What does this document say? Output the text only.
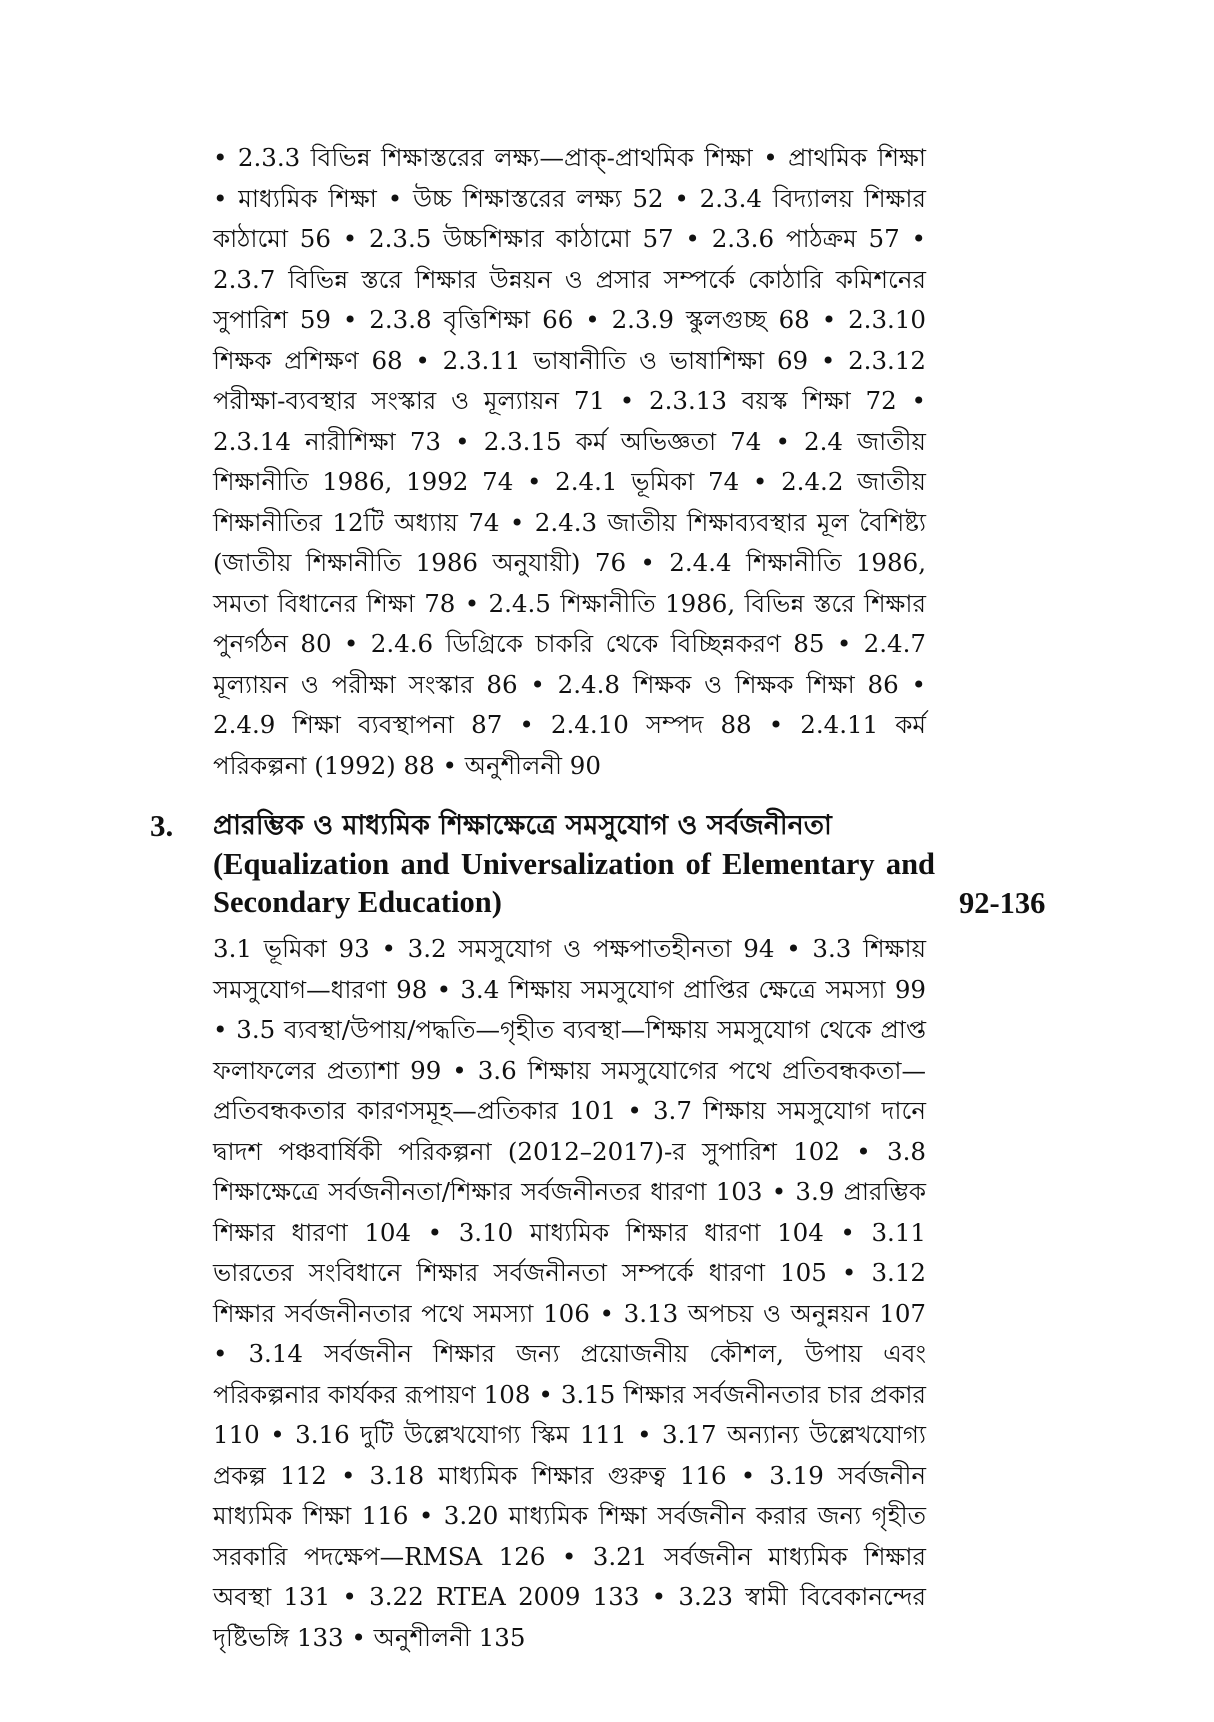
• 2.3.3 বিভিন্ন শিক্ষাস্তরের লক্ষ্য—প্রাক্-প্রাথমিক শিক্ষা • প্রাথমিক শিক্ষা • মাধ্যমিক শিক্ষা • উচ্চ শিক্ষাস্তরের লক্ষ্য 52 • 2.3.4 বিদ্যালয় শিক্ষার কাঠামো 56 • 2.3.5 উচ্চশিক্ষার কাঠামো 57 • 2.3.6 পাঠক্রম 57 • 2.3.7 বিভিন্ন স্তরে শিক্ষার উন্নয়ন ও প্রসার সম্পর্কে কোঠারি কমিশনের সুপারিশ 59 • 2.3.8 বৃত্তিশিক্ষা 66 • 2.3.9 স্কুলগুচ্ছ 68 • 2.3.10 শিক্ষক প্রশিক্ষণ 68 • 2.3.11 ভাষানীতি ও ভাষাশিক্ষা 69 • 2.3.12 পরীক্ষা-ব্যবস্থার সংস্কার ও মূল্যায়ন 71 • 2.3.13 বয়স্ক শিক্ষা 72 • 2.3.14 নারীশিক্ষা 73 • 2.3.15 কর্ম অভিজ্ঞতা 74 • 2.4 জাতীয় শিক্ষানীতি 1986, 1992 74 • 2.4.1 ভূমিকা 74 • 2.4.2 জাতীয় শিক্ষানীতির 12টি অধ্যায় 74 • 2.4.3 জাতীয় শিক্ষাব্যবস্থার মূল বৈশিষ্ট্য (জাতীয় শিক্ষানীতি 1986 অনুযায়ী) 76 • 2.4.4 শিক্ষানীতি 1986, সমতা বিধানের শিক্ষা 78 • 2.4.5 শিক্ষানীতি 1986, বিভিন্ন স্তরে শিক্ষার পুনর্গঠন 80 • 2.4.6 ডিগ্রিকে চাকরি থেকে বিচ্ছিন্নকরণ 85 • 2.4.7 মূল্যায়ন ও পরীক্ষা সংস্কার 86 • 2.4.8 শিক্ষক ও শিক্ষক শিক্ষা 86 • 2.4.9 শিক্ষা ব্যবস্থাপনা 87 • 2.4.10 সম্পদ 88 • 2.4.11 কর্ম পরিকল্পনা (1992) 88 • অনুশীলনী 90

3. প্রারম্ভিক ও মাধ্যমিক শিক্ষাক্ষেত্রে সমসুযোগ ও সর্বজনীনতা

(Equalization and Universalization of Elementary and Secondary Education)	92-136

3.1 ভূমিকা 93 • 3.2 সমসুযোগ ও পক্ষপাতহীনতা 94 • 3.3 শিক্ষায় সমসুযোগ—ধারণা 98 • 3.4 শিক্ষায় সমসুযোগ প্রাপ্তির ক্ষেত্রে সমস্যা 99 • 3.5 ব্যবস্থা/উপায়/পদ্ধতি—গৃহীত ব্যবস্থা—শিক্ষায় সমসুযোগ থেকে প্রাপ্ত ফলাফলের প্রত্যাশা 99 • 3.6 শিক্ষায় সমসুযোগের পথে প্রতিবন্ধকতা—প্রতিবন্ধকতার কারণসমূহ—প্রতিকার 101 • 3.7 শিক্ষায় সমসুযোগ দানে দ্বাদশ পঞ্চবার্ষিকী পরিকল্পনা (2012–2017)-র সুপারিশ 102 • 3.8 শিক্ষাক্ষেত্রে সর্বজনীনতা/শিক্ষার সর্বজনীনতর ধারণা 103 • 3.9 প্রারম্ভিক শিক্ষার ধারণা 104 • 3.10 মাধ্যমিক শিক্ষার ধারণা 104 • 3.11 ভারতের সংবিধানে শিক্ষার সর্বজনীনতা সম্পর্কে ধারণা 105 • 3.12 শিক্ষার সর্বজনীনতার পথে সমস্যা 106 • 3.13 অপচয় ও অনুন্নয়ন 107 • 3.14 সর্বজনীন শিক্ষার জন্য প্রয়োজনীয় কৌশল, উপায় এবং পরিকল্পনার কার্যকর রূপায়ণ 108 • 3.15 শিক্ষার সর্বজনীনতার চার প্রকার 110 • 3.16 দুটি উল্লেখযোগ্য স্কিম 111 • 3.17 অন্যান্য উল্লেখযোগ্য প্রকল্প 112 • 3.18 মাধ্যমিক শিক্ষার গুরুত্ব 116 • 3.19 সর্বজনীন মাধ্যমিক শিক্ষা 116 • 3.20 মাধ্যমিক শিক্ষা সর্বজনীন করার জন্য গৃহীত সরকারি পদক্ষেপ—RMSA 126 • 3.21 সর্বজনীন মাধ্যমিক শিক্ষার অবস্থা 131 • 3.22 RTEA 2009 133 • 3.23 স্বামী বিবেকানন্দের দৃষ্টিভঙ্গি 133 • অনুশীলনী 135
